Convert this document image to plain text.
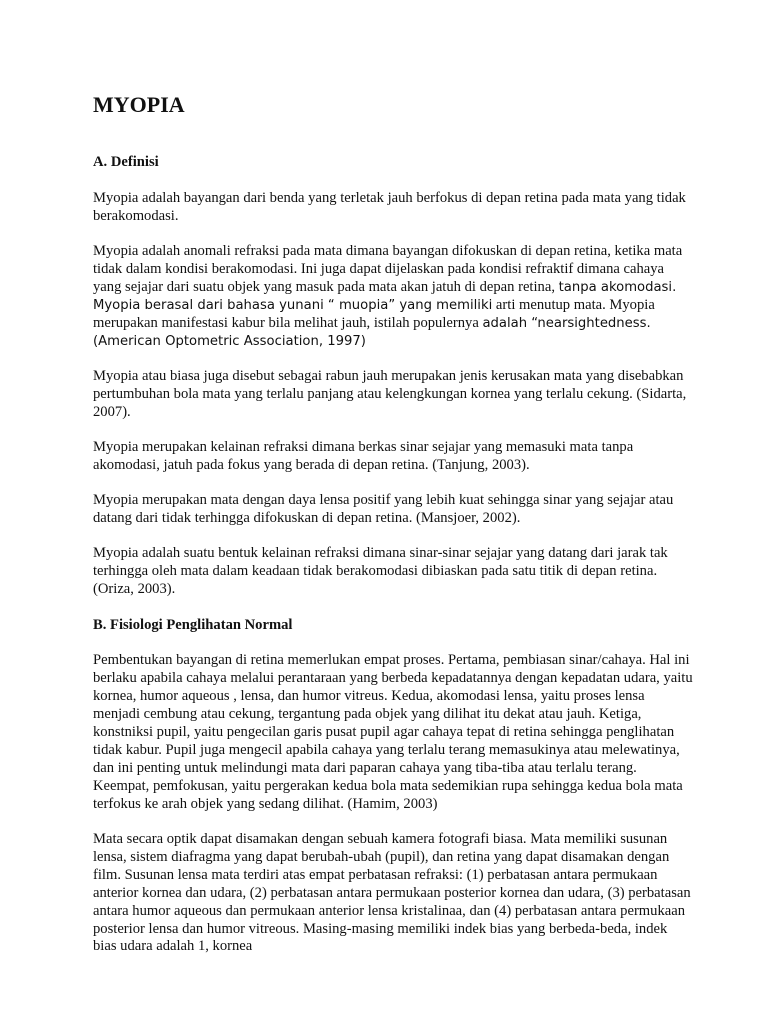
MYOPIA
A. Definisi

Myopia adalah bayangan dari benda yang terletak jauh berfokus di depan retina pada mata yang tidak berakomodasi.

Myopia adalah anomali refraksi pada mata dimana bayangan difokuskan di depan retina, ketika mata tidak dalam kondisi berakomodasi. Ini juga dapat dijelaskan pada kondisi refraktif dimana cahaya yang sejajar dari suatu objek yang masuk pada mata akan jatuh di depan retina, tanpa akomodasi. Myopia berasal dari bahasa yunani “ muopia” yang memiliki arti menutup mata. Myopia merupakan manifestasi kabur bila melihat jauh, istilah populernya adalah “nearsightedness.(American Optometric Association, 1997)

Myopia atau biasa juga disebut sebagai rabun jauh merupakan jenis kerusakan mata yang disebabkan pertumbuhan bola mata yang terlalu panjang atau kelengkungan kornea yang terlalu cekung. (Sidarta, 2007).

Myopia merupakan kelainan refraksi dimana berkas sinar sejajar yang memasuki mata tanpa akomodasi, jatuh pada fokus yang berada di depan retina. (Tanjung, 2003).

Myopia merupakan mata dengan daya lensa positif yang lebih kuat sehingga sinar yang sejajar atau datang dari tidak terhingga difokuskan di depan retina. (Mansjoer, 2002).

Myopia adalah suatu bentuk kelainan refraksi dimana sinar-sinar sejajar yang datang dari jarak tak terhingga oleh mata dalam keadaan tidak berakomodasi dibiaskan pada satu titik di depan retina. (Oriza, 2003).

B. Fisiologi Penglihatan Normal

Pembentukan bayangan di retina memerlukan empat proses. Pertama, pembiasan sinar/cahaya. Hal ini berlaku apabila cahaya melalui perantaraan yang berbeda kepadatannya dengan kepadatan udara, yaitu kornea, humor aqueous , lensa, dan humor vitreus. Kedua, akomodasi lensa, yaitu proses lensa menjadi cembung atau cekung, tergantung pada objek yang dilihat itu dekat atau jauh. Ketiga, konstniksi pupil, yaitu pengecilan garis pusat pupil agar cahaya tepat di retina sehingga penglihatan tidak kabur. Pupil juga mengecil apabila cahaya yang terlalu terang memasukinya atau melewatinya, dan ini penting untuk melindungi mata dari paparan cahaya yang tiba-tiba atau terlalu terang. Keempat, pemfokusan, yaitu pergerakan kedua bola mata sedemikian rupa sehingga kedua bola mata terfokus ke arah objek yang sedang dilihat. (Hamim, 2003)

Mata secara optik dapat disamakan dengan sebuah kamera fotografi biasa. Mata memiliki susunan lensa, sistem diafragma yang dapat berubah-ubah (pupil), dan retina yang dapat disamakan dengan film. Susunan lensa mata terdiri atas empat perbatasan refraksi: (1) perbatasan antara permukaan anterior kornea dan udara, (2) perbatasan antara permukaan posterior kornea dan udara, (3) perbatasan antara humor aqueous dan permukaan anterior lensa kristalinaa, dan (4) perbatasan antara permukaan posterior lensa dan humor vitreous. Masing-masing memiliki indek bias yang berbeda-beda, indek bias udara adalah 1, kornea
